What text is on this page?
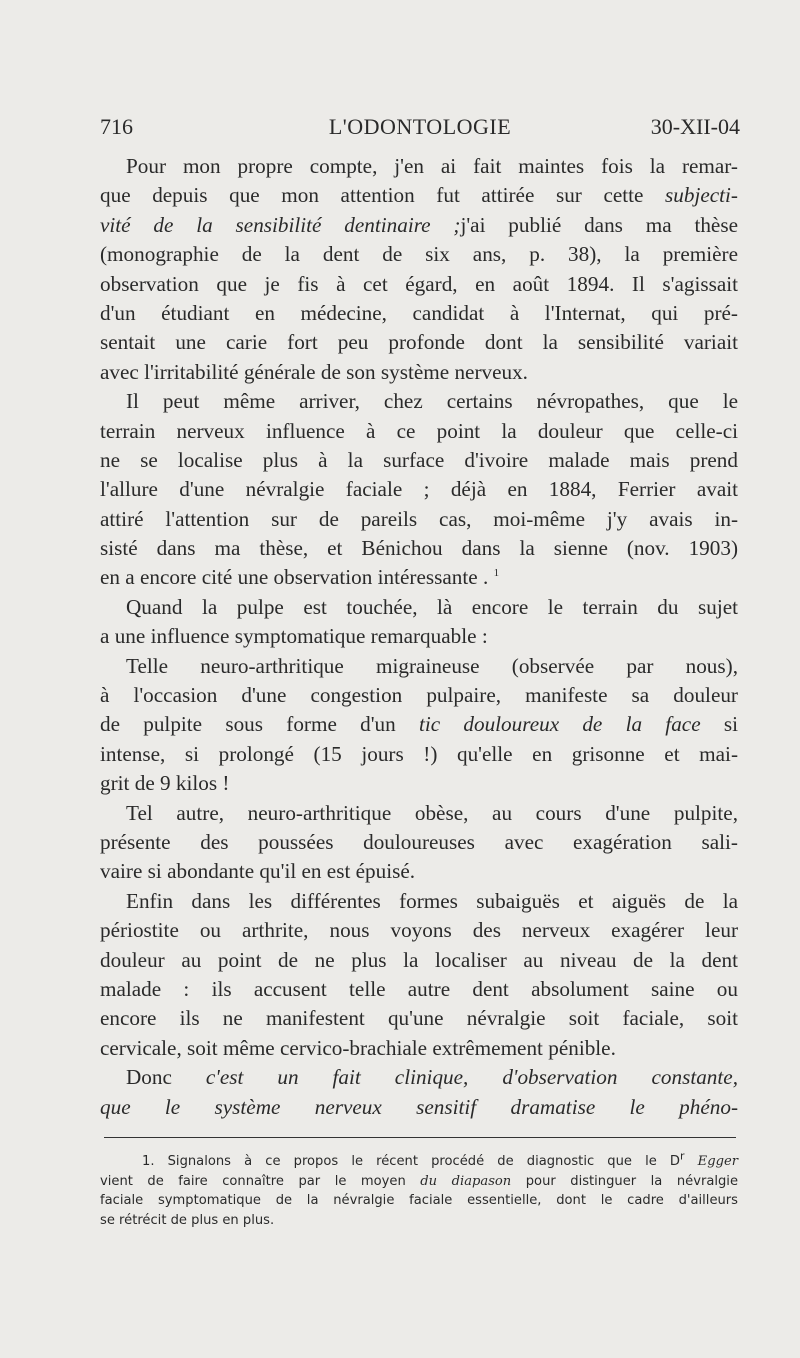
716	L'ODONTOLOGIE	30-XII-04
Pour mon propre compte, j'en ai fait maintes fois la remar-
que depuis que mon attention fut attirée sur cette subjecti-
vité de la sensibilité dentinaire ;j'ai publié dans ma thèse
(monographie de la dent de six ans, p. 38), la première
observation que je fis à cet égard, en août 1894. Il s'agissait
d'un étudiant en médecine, candidat à l'Internat, qui pré-
sentait une carie fort peu profonde dont la sensibilité variait
avec l'irritabilité générale de son système nerveux.
Il peut même arriver, chez certains névropathes, que le
terrain nerveux influence à ce point la douleur que celle-ci
ne se localise plus à la surface d'ivoire malade mais prend
l'allure d'une névralgie faciale ; déjà en 1884, Ferrier avait
attiré l'attention sur de pareils cas, moi-même j'y avais in-
sisté dans ma thèse, et Bénichou dans la sienne (nov. 1903)
en a encore cité une observation intéressante . $^1$
Quand la pulpe est touchée, là encore le terrain du sujet
a une influence symptomatique remarquable :
Telle neuro-arthritique migraineuse (observée par nous),
à l'occasion d'une congestion pulpaire, manifeste sa douleur
de pulpite sous forme d'un tic douloureux de la face si
intense, si prolongé (15 jours !) qu'elle en grisonne et mai-
grit de 9 kilos !
Tel autre, neuro-arthritique obèse, au cours d'une pulpite,
présente des poussées douloureuses avec exagération sali-
vaire si abondante qu'il en est épuisé.
Enfin dans les différentes formes subaiguës et aiguës de la
périostite ou arthrite, nous voyons des nerveux exagérer leur
douleur au point de ne plus la localiser au niveau de la dent
malade : ils accusent telle autre dent absolument saine ou
encore ils ne manifestent qu'une névralgie soit faciale, soit
cervicale, soit même cervico-brachiale extrêmement pénible.
Donc c'est un fait clinique, d'observation constante,
que le système nerveux sensitif dramatise le phéno-
1. Signalons à ce propos le récent procédé de diagnostic que le $D^r$ Egger
vient de faire connaître par le moyen du diapason pour distinguer la névralgie
faciale symptomatique de la névralgie faciale essentielle, dont le cadre d'ailleurs
se rétrécit de plus en plus.
